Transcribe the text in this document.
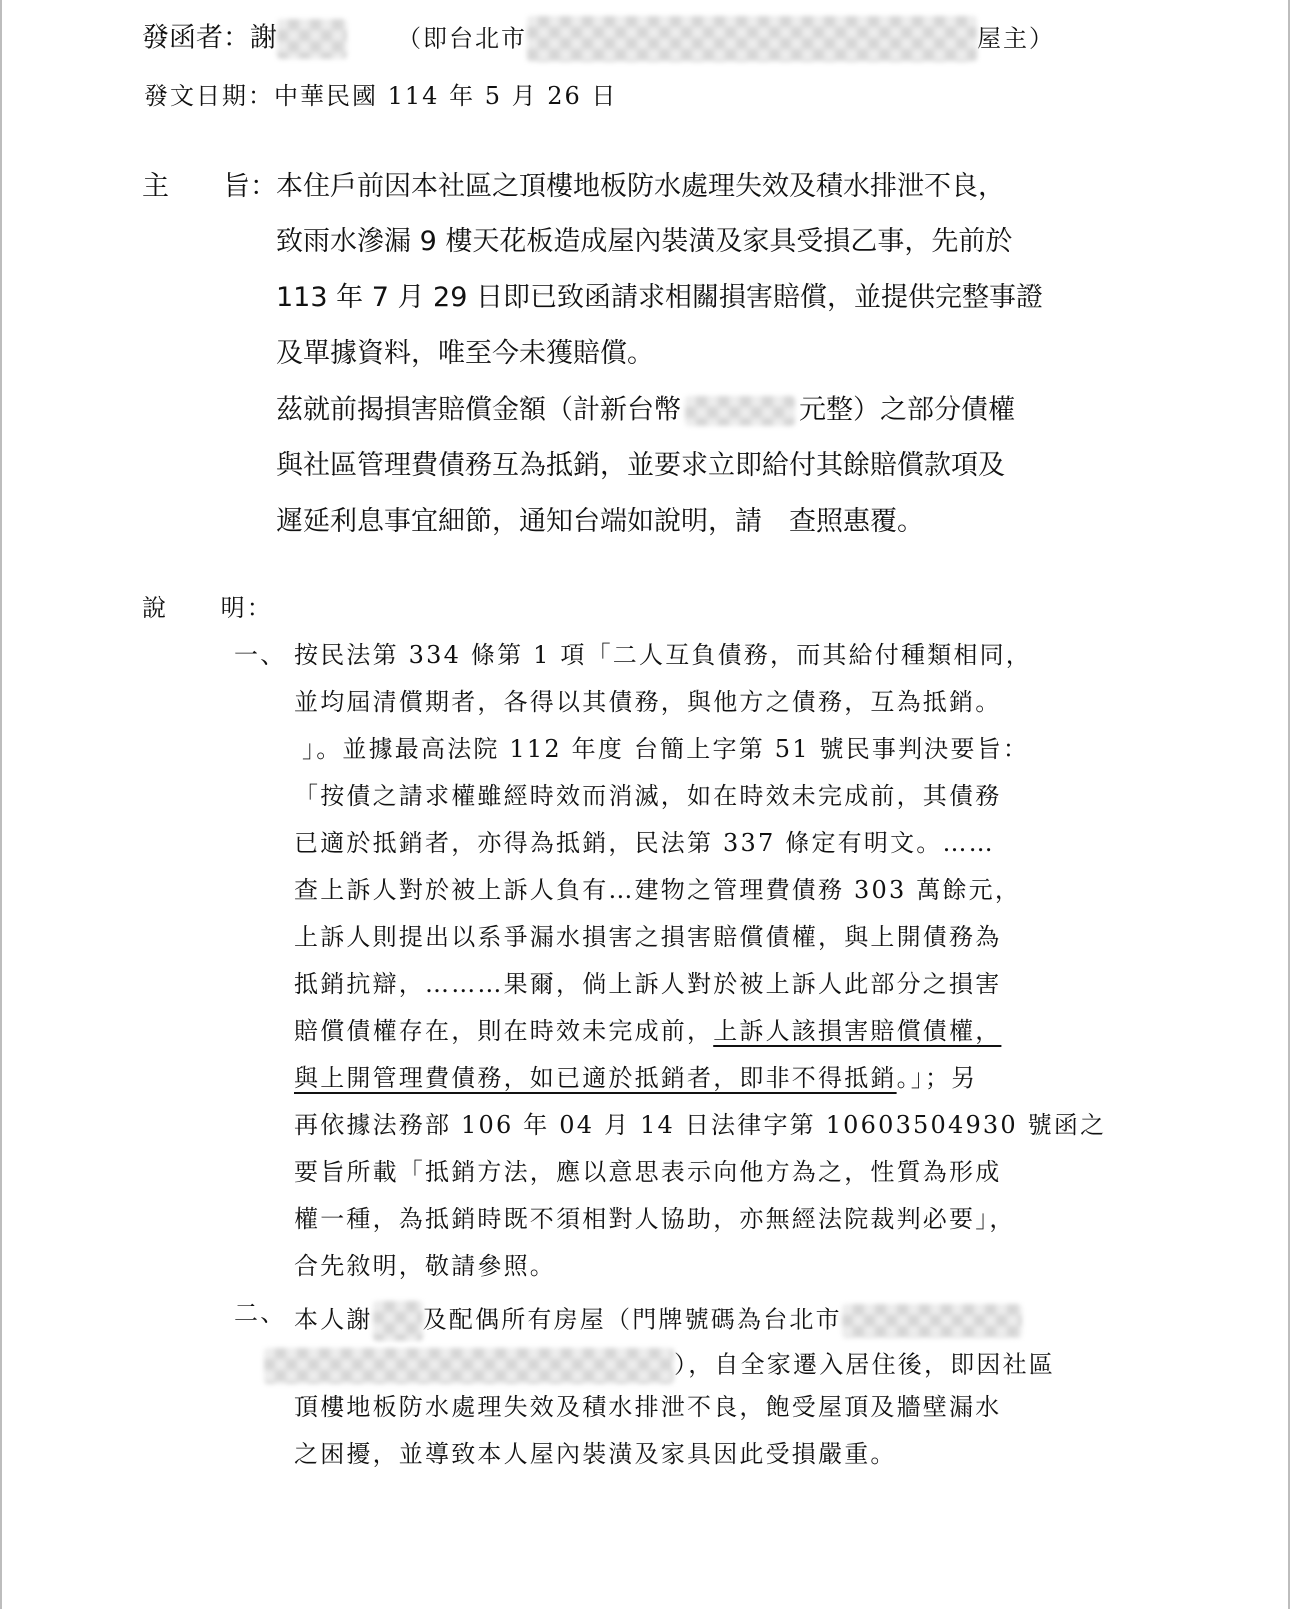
發函者：謝	（即台北市	屋主）
發文日期：中華民國 114 年 5 月 26 日
主　　旨： 本住戶前因本社區之頂樓地板防水處理失效及積水排泄不良，
致雨水滲漏 9 樓天花板造成屋內裝潢及家具受損乙事，先前於
113 年 7 月 29 日即已致函請求相關損害賠償，並提供完整事證
及單據資料，唯至今未獲賠償。
茲就前揭損害賠償金額（計新台幣	元整）之部分債權
與社區管理費債務互為抵銷，並要求立即給付其餘賠償款項及
遲延利息事宜細節，通知台端如說明，請　查照惠覆。
說　　明：
一、 按民法第 334 條第 1 項「二人互負債務，而其給付種類相同，
並均屆清償期者，各得以其債務，與他方之債務，互為抵銷。
」。並據最高法院 112 年度 台簡上字第 51 號民事判決要旨：
「按債之請求權雖經時效而消滅，如在時效未完成前，其債務
已適於抵銷者，亦得為抵銷，民法第 337 條定有明文。……
查上訴人對於被上訴人負有…建物之管理費債務 303 萬餘元，
上訴人則提出以系爭漏水損害之損害賠償債權，與上開債務為
抵銷抗辯，………果爾，倘上訴人對於被上訴人此部分之損害
賠償債權存在，則在時效未完成前，上訴人該損害賠償債權，
與上開管理費債務，如已適於抵銷者，即非不得抵銷。」；另
再依據法務部 106 年 04 月 14 日法律字第 10603504930 號函之
要旨所載「抵銷方法，應以意思表示向他方為之，性質為形成
權一種，為抵銷時既不須相對人協助，亦無經法院裁判必要」，
合先敘明，敬請參照。
二、 本人謝 及配偶所有房屋（門牌號碼為台北市
），自全家遷入居住後，即因社區
頂樓地板防水處理失效及積水排泄不良，飽受屋頂及牆壁漏水
之困擾，並導致本人屋內裝潢及家具因此受損嚴重。
